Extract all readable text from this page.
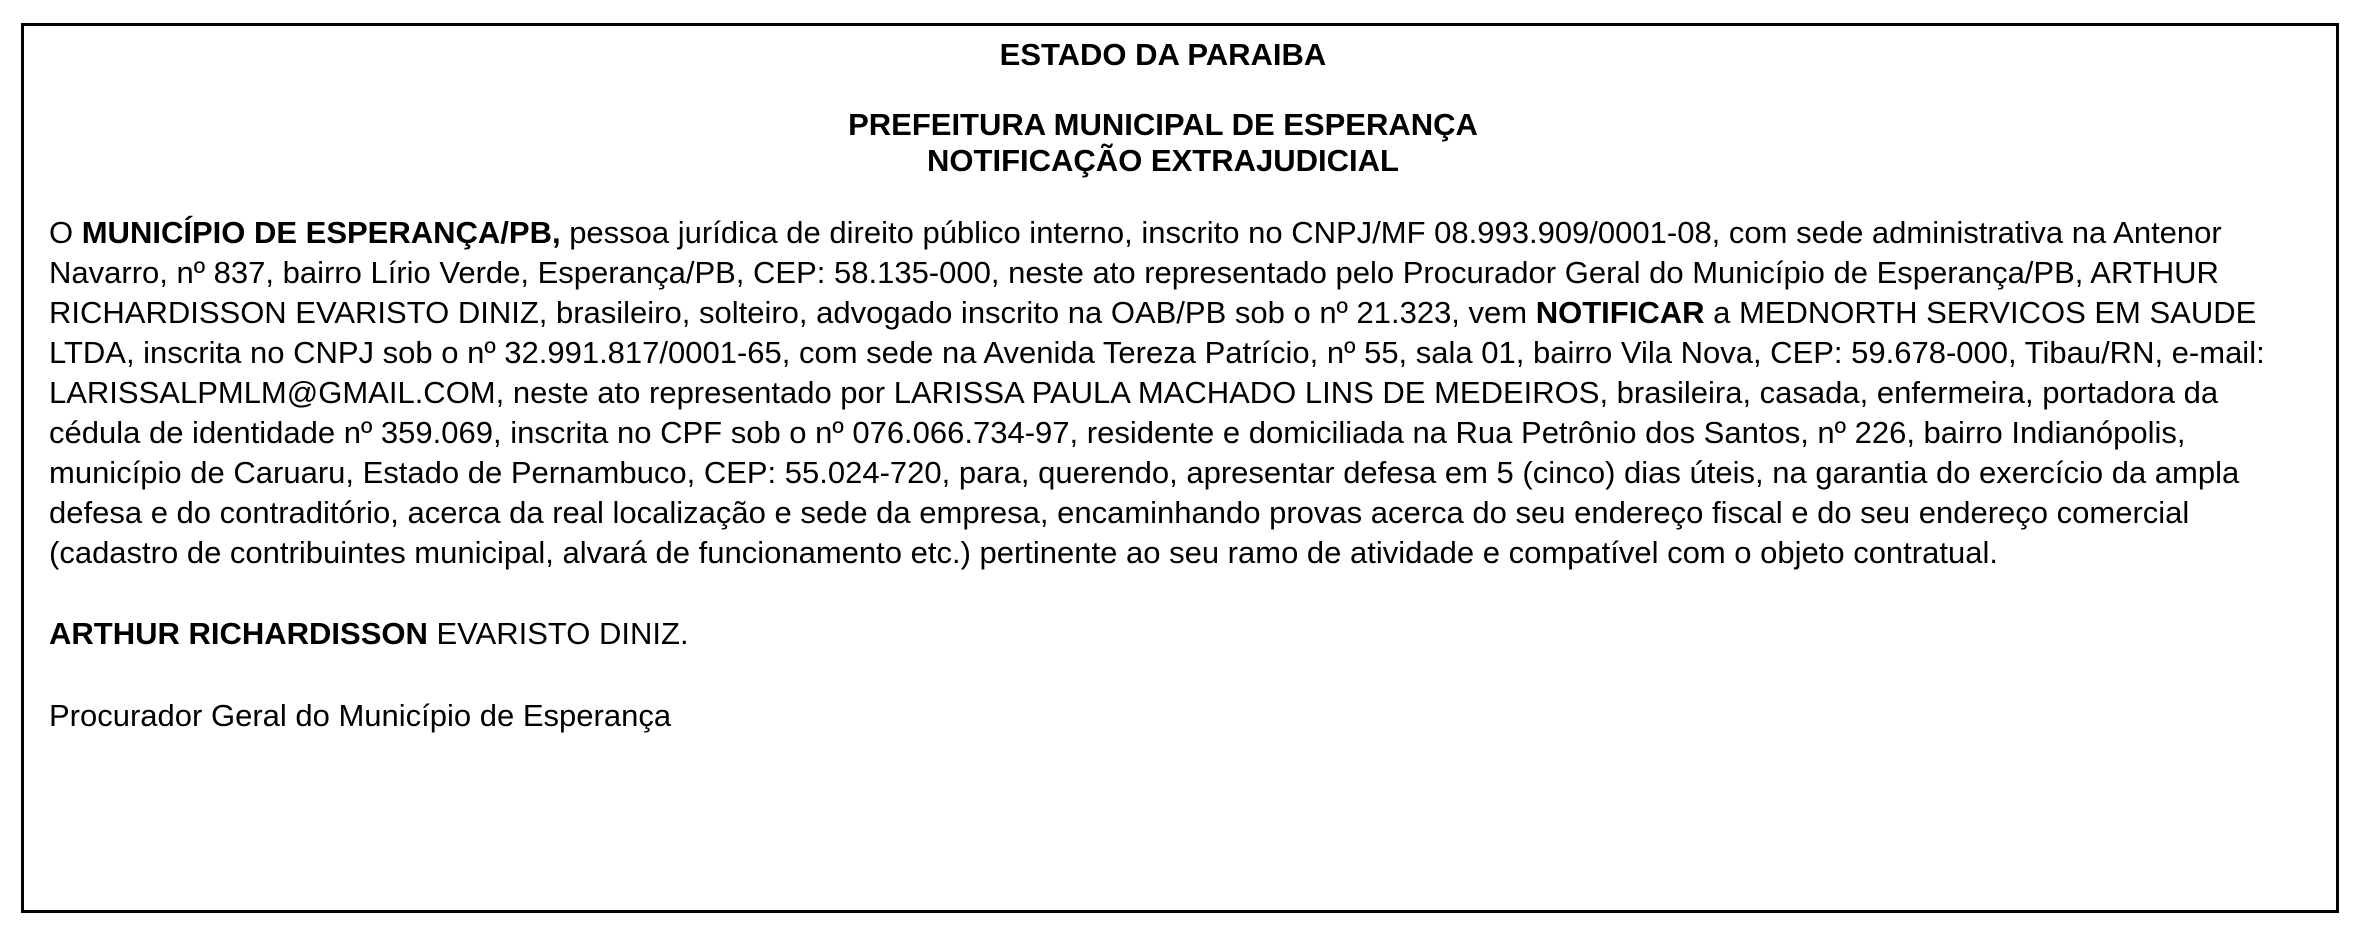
ESTADO DA PARAIBA

PREFEITURA MUNICIPAL DE ESPERANÇA

NOTIFICAÇÃO EXTRAJUDICIAL

O MUNICÍPIO DE ESPERANÇA/PB, pessoa jurídica de direito público interno, inscrito no CNPJ/MF 08.993.909/0001-08, com sede administrativa na Antenor Navarro, nº 837, bairro Lírio Verde, Esperança/PB, CEP: 58.135-000, neste ato representado pelo Procurador Geral do Município de Esperança/PB, ARTHUR RICHARDISSON EVARISTO DINIZ, brasileiro, solteiro, advogado inscrito na OAB/PB sob o nº 21.323, vem NOTIFICAR a MEDNORTH SERVICOS EM SAUDE LTDA, inscrita no CNPJ sob o nº 32.991.817/0001-65, com sede na Avenida Tereza Patrício, nº 55, sala 01, bairro Vila Nova, CEP: 59.678-000, Tibau/RN, e-mail: LARISSALPMLM@GMAIL.COM, neste ato representado por LARISSA PAULA MACHADO LINS DE MEDEIROS, brasileira, casada, enfermeira, portadora da cédula de identidade nº 359.069, inscrita no CPF sob o nº 076.066.734-97, residente e domiciliada na Rua Petrônio dos Santos, nº 226, bairro Indianópolis, município de Caruaru, Estado de Pernambuco, CEP: 55.024-720, para, querendo, apresentar defesa em 5 (cinco) dias úteis, na garantia do exercício da ampla defesa e do contraditório, acerca da real localização e sede da empresa, encaminhando provas acerca do seu endereço fiscal e do seu endereço comercial (cadastro de contribuintes municipal, alvará de funcionamento etc.) pertinente ao seu ramo de atividade e compatível com o objeto contratual.

ARTHUR RICHARDISSON EVARISTO DINIZ.

Procurador Geral do Município de Esperança
